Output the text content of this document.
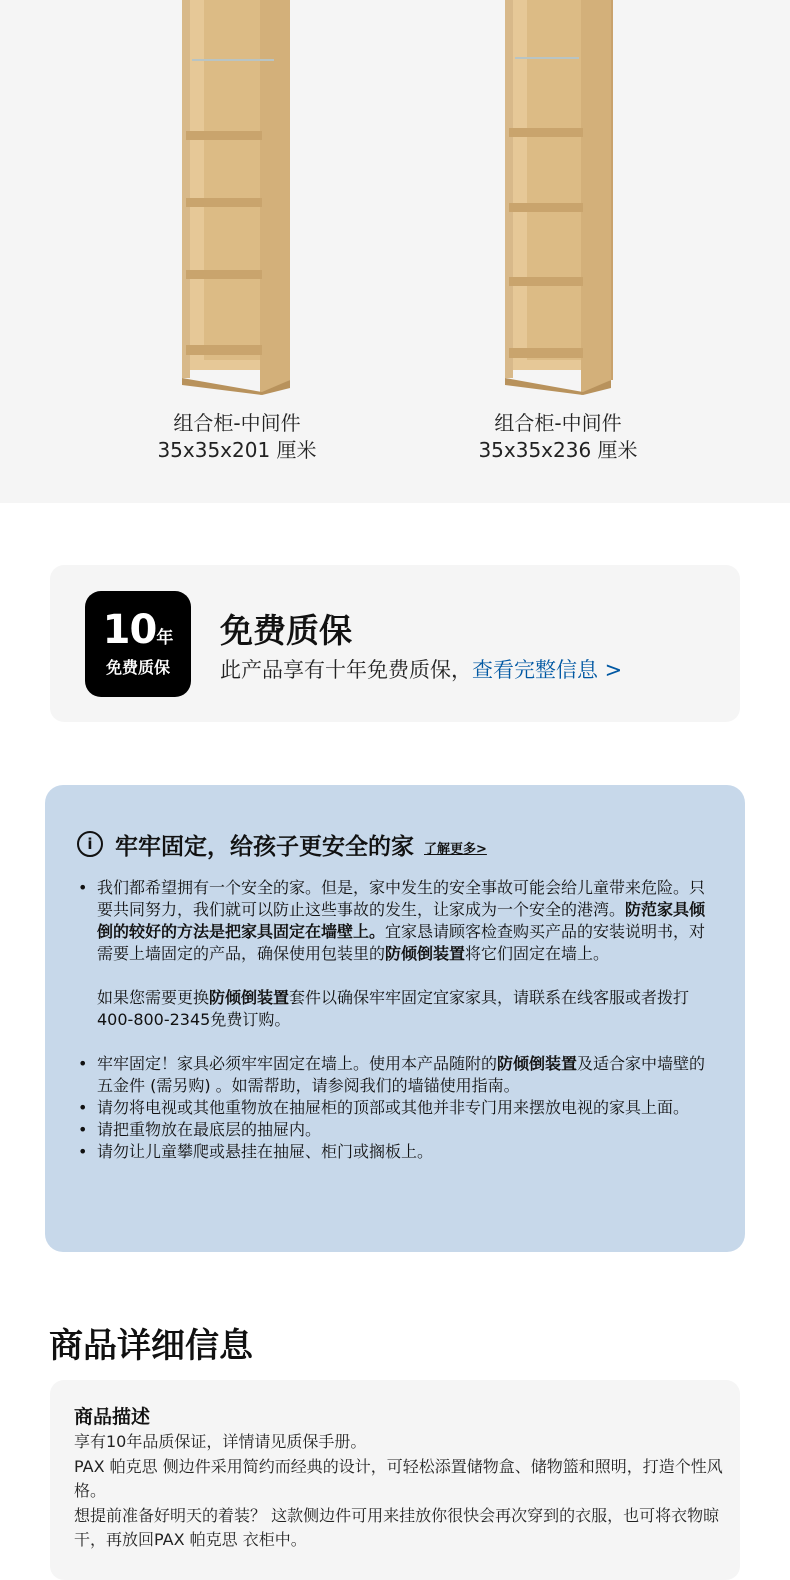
组合柜-中间件
35x35x201 厘米
组合柜-中间件
35x35x236 厘米
10年
免费质保
免费质保
此产品享有十年免费质保，查看完整信息 >
i 牢牢固定，给孩子更安全的家 了解更多>
• 我们都希望拥有一个安全的家。但是，家中发生的安全事故可能会给儿童带来危险。只要共同努力，我们就可以防止这些事故的发生，让家成为一个安全的港湾。防范家具倾倒的较好的方法是把家具固定在墙壁上。宜家恳请顾客检查购买产品的安装说明书，对需要上墙固定的产品，确保使用包装里的防倾倒装置将它们固定在墙上。
如果您需要更换防倾倒装置套件以确保牢牢固定宜家家具，请联系在线客服或者拨打400-800-2345免费订购。
• 牢牢固定！家具必须牢牢固定在墙上。使用本产品随附的防倾倒装置及适合家中墙壁的五金件 (需另购) 。如需帮助，请参阅我们的墙锚使用指南。
• 请勿将电视或其他重物放在抽屉柜的顶部或其他并非专门用来摆放电视的家具上面。
• 请把重物放在最底层的抽屉内。
• 请勿让儿童攀爬或悬挂在抽屉、柜门或搁板上。
商品详细信息
商品描述
享有10年品质保证，详情请见质保手册。
PAX 帕克思 侧边件采用简约而经典的设计，可轻松添置储物盒、储物篮和照明，打造个性风格。
想提前准备好明天的着装？ 这款侧边件可用来挂放你很快会再次穿到的衣服，也可将衣物晾干，再放回PAX 帕克思 衣柜中。
